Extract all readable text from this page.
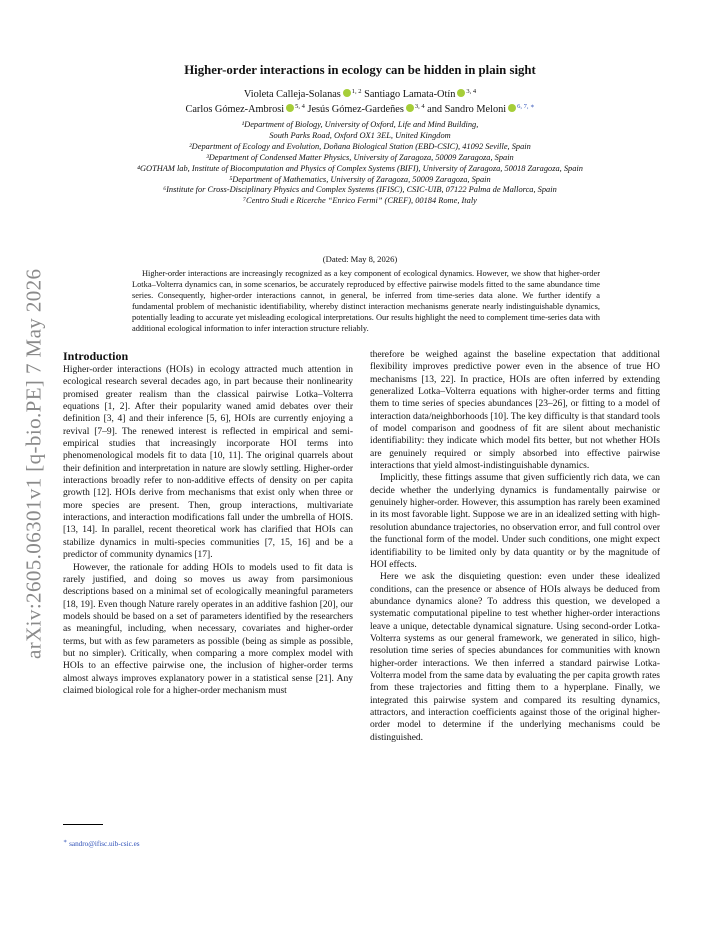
arXiv:2605.06301v1 [q-bio.PE] 7 May 2026
Higher-order interactions in ecology can be hidden in plain sight
Violeta Calleja-Solanas $^{1, 2}$ Santiago Lamata-Otín $^{3, 4}$
Carlos Gómez-Ambrosi $^{5, 4}$ Jesús Gómez-Gardeñes $^{3, 4}$ and Sandro Meloni $^{6, 7, ∗}$
¹Department of Biology, University of Oxford, Life and Mind Building,
South Parks Road, Oxford OX1 3EL, United Kingdom
²Department of Ecology and Evolution, Doñana Biological Station (EBD-CSIC), 41092 Seville, Spain
³Department of Condensed Matter Physics, University of Zaragoza, 50009 Zaragoza, Spain
⁴GOTHAM lab, Institute of Biocomputation and Physics of Complex Systems (BIFI), University of Zaragoza, 50018 Zaragoza, Spain
⁵Department of Mathematics, University of Zaragoza, 50009 Zaragoza, Spain
⁶Institute for Cross-Disciplinary Physics and Complex Systems (IFISC), CSIC-UIB, 07122 Palma de Mallorca, Spain
⁷Centro Studi e Ricerche “Enrico Fermi” (CREF), 00184 Rome, Italy
(Dated: May 8, 2026)

Higher-order interactions are increasingly recognized as a key component of ecological dynamics. However, we show that higher-order Lotka–Volterra dynamics can, in some scenarios, be accurately reproduced by effective pairwise models fitted to the same abundance time series. Consequently, higher-order interactions cannot, in general, be inferred from time-series data alone. We further identify a fundamental problem of mechanistic identifiability, whereby distinct interaction mechanisms generate nearly indistinguishable dynamics, potentially leading to accurate yet misleading ecological interpretations. Our results highlight the need to complement time-series data with additional ecological information to infer interaction structure reliably.

Introduction

Higher-order interactions (HOIs) in ecology attracted much attention in ecological research several decades ago, in part because their nonlinearity promised greater realism than the classical pairwise Lotka–Volterra equations [1, 2]. After their popularity waned amid debates over their definition [3, 4] and their inference [5, 6], HOIs are currently enjoying a revival [7–9]. The renewed interest is reflected in empirical and semi-empirical studies that increasingly incorporate HOI terms into phenomenological models fit to data [10, 11]. The original quarrels about their definition and interpretation in nature are slowly settling. Higher-order interactions broadly refer to non-additive effects of density on per capita growth [12]. HOIs derive from mechanisms that exist only when three or more species are present. Then, group interactions, multivariate interactions, and interaction modifications fall under the umbrella of HOIS. [13, 14]. In parallel, recent theoretical work has clarified that HOIs can stabilize dynamics in multi-species communities [7, 15, 16] and be a predictor of community dynamics [17].

However, the rationale for adding HOIs to models used to fit data is rarely justified, and doing so moves us away from parsimonious descriptions based on a minimal set of ecologically meaningful parameters [18, 19]. Even though Nature rarely operates in an additive fashion [20], our models should be based on a set of parameters identified by the researchers as meaningful, including, when necessary, covariates and higher-order terms, but with as few parameters as possible (being as simple as possible, but no simpler). Critically, when comparing a more complex model with HOIs to an effective pairwise one, the inclusion of higher-order terms almost always improves explanatory power in a statistical sense [21]. Any claimed biological role for a higher-order mechanism must

therefore be weighed against the baseline expectation that additional flexibility improves predictive power even in the absence of true HO mechanisms [13, 22]. In practice, HOIs are often inferred by extending generalized Lotka–Volterra equations with higher-order terms and fitting them to time series of species abundances [23–26], or fitting to a model of interaction data/neighborhoods [10]. The key difficulty is that standard tools of model comparison and goodness of fit are silent about mechanistic identifiability: they indicate which model fits better, but not whether HOIs are genuinely required or simply absorbed into effective pairwise interactions that yield almost-indistinguishable dynamics.

Implicitly, these fittings assume that given sufficiently rich data, we can decide whether the underlying dynamics is fundamentally pairwise or genuinely higher-order. However, this assumption has rarely been examined in its most favorable light. Suppose we are in an idealized setting with high-resolution abundance trajectories, no observation error, and full control over the functional form of the model. Under such conditions, one might expect identifiability to be limited only by data quantity or by the magnitude of HOI effects.

Here we ask the disquieting question: even under these idealized conditions, can the presence or absence of HOIs always be deduced from abundance dynamics alone? To address this question, we developed a systematic computational pipeline to test whether higher-order interactions leave a unique, detectable dynamical signature. Using second-order Lotka-Volterra systems as our general framework, we generated in silico, high-resolution time series of species abundances for communities with known higher-order interactions. We then inferred a standard pairwise Lotka-Volterra model from the same data by evaluating the per capita growth rates from these trajectories and fitting them to a hyperplane. Finally, we integrated this pairwise system and compared its resulting dynamics, attractors, and interaction coefficients against those of the original higher-order model to determine if the underlying mechanisms could be distinguished.

∗ sandro@ifisc.uib-csic.es
